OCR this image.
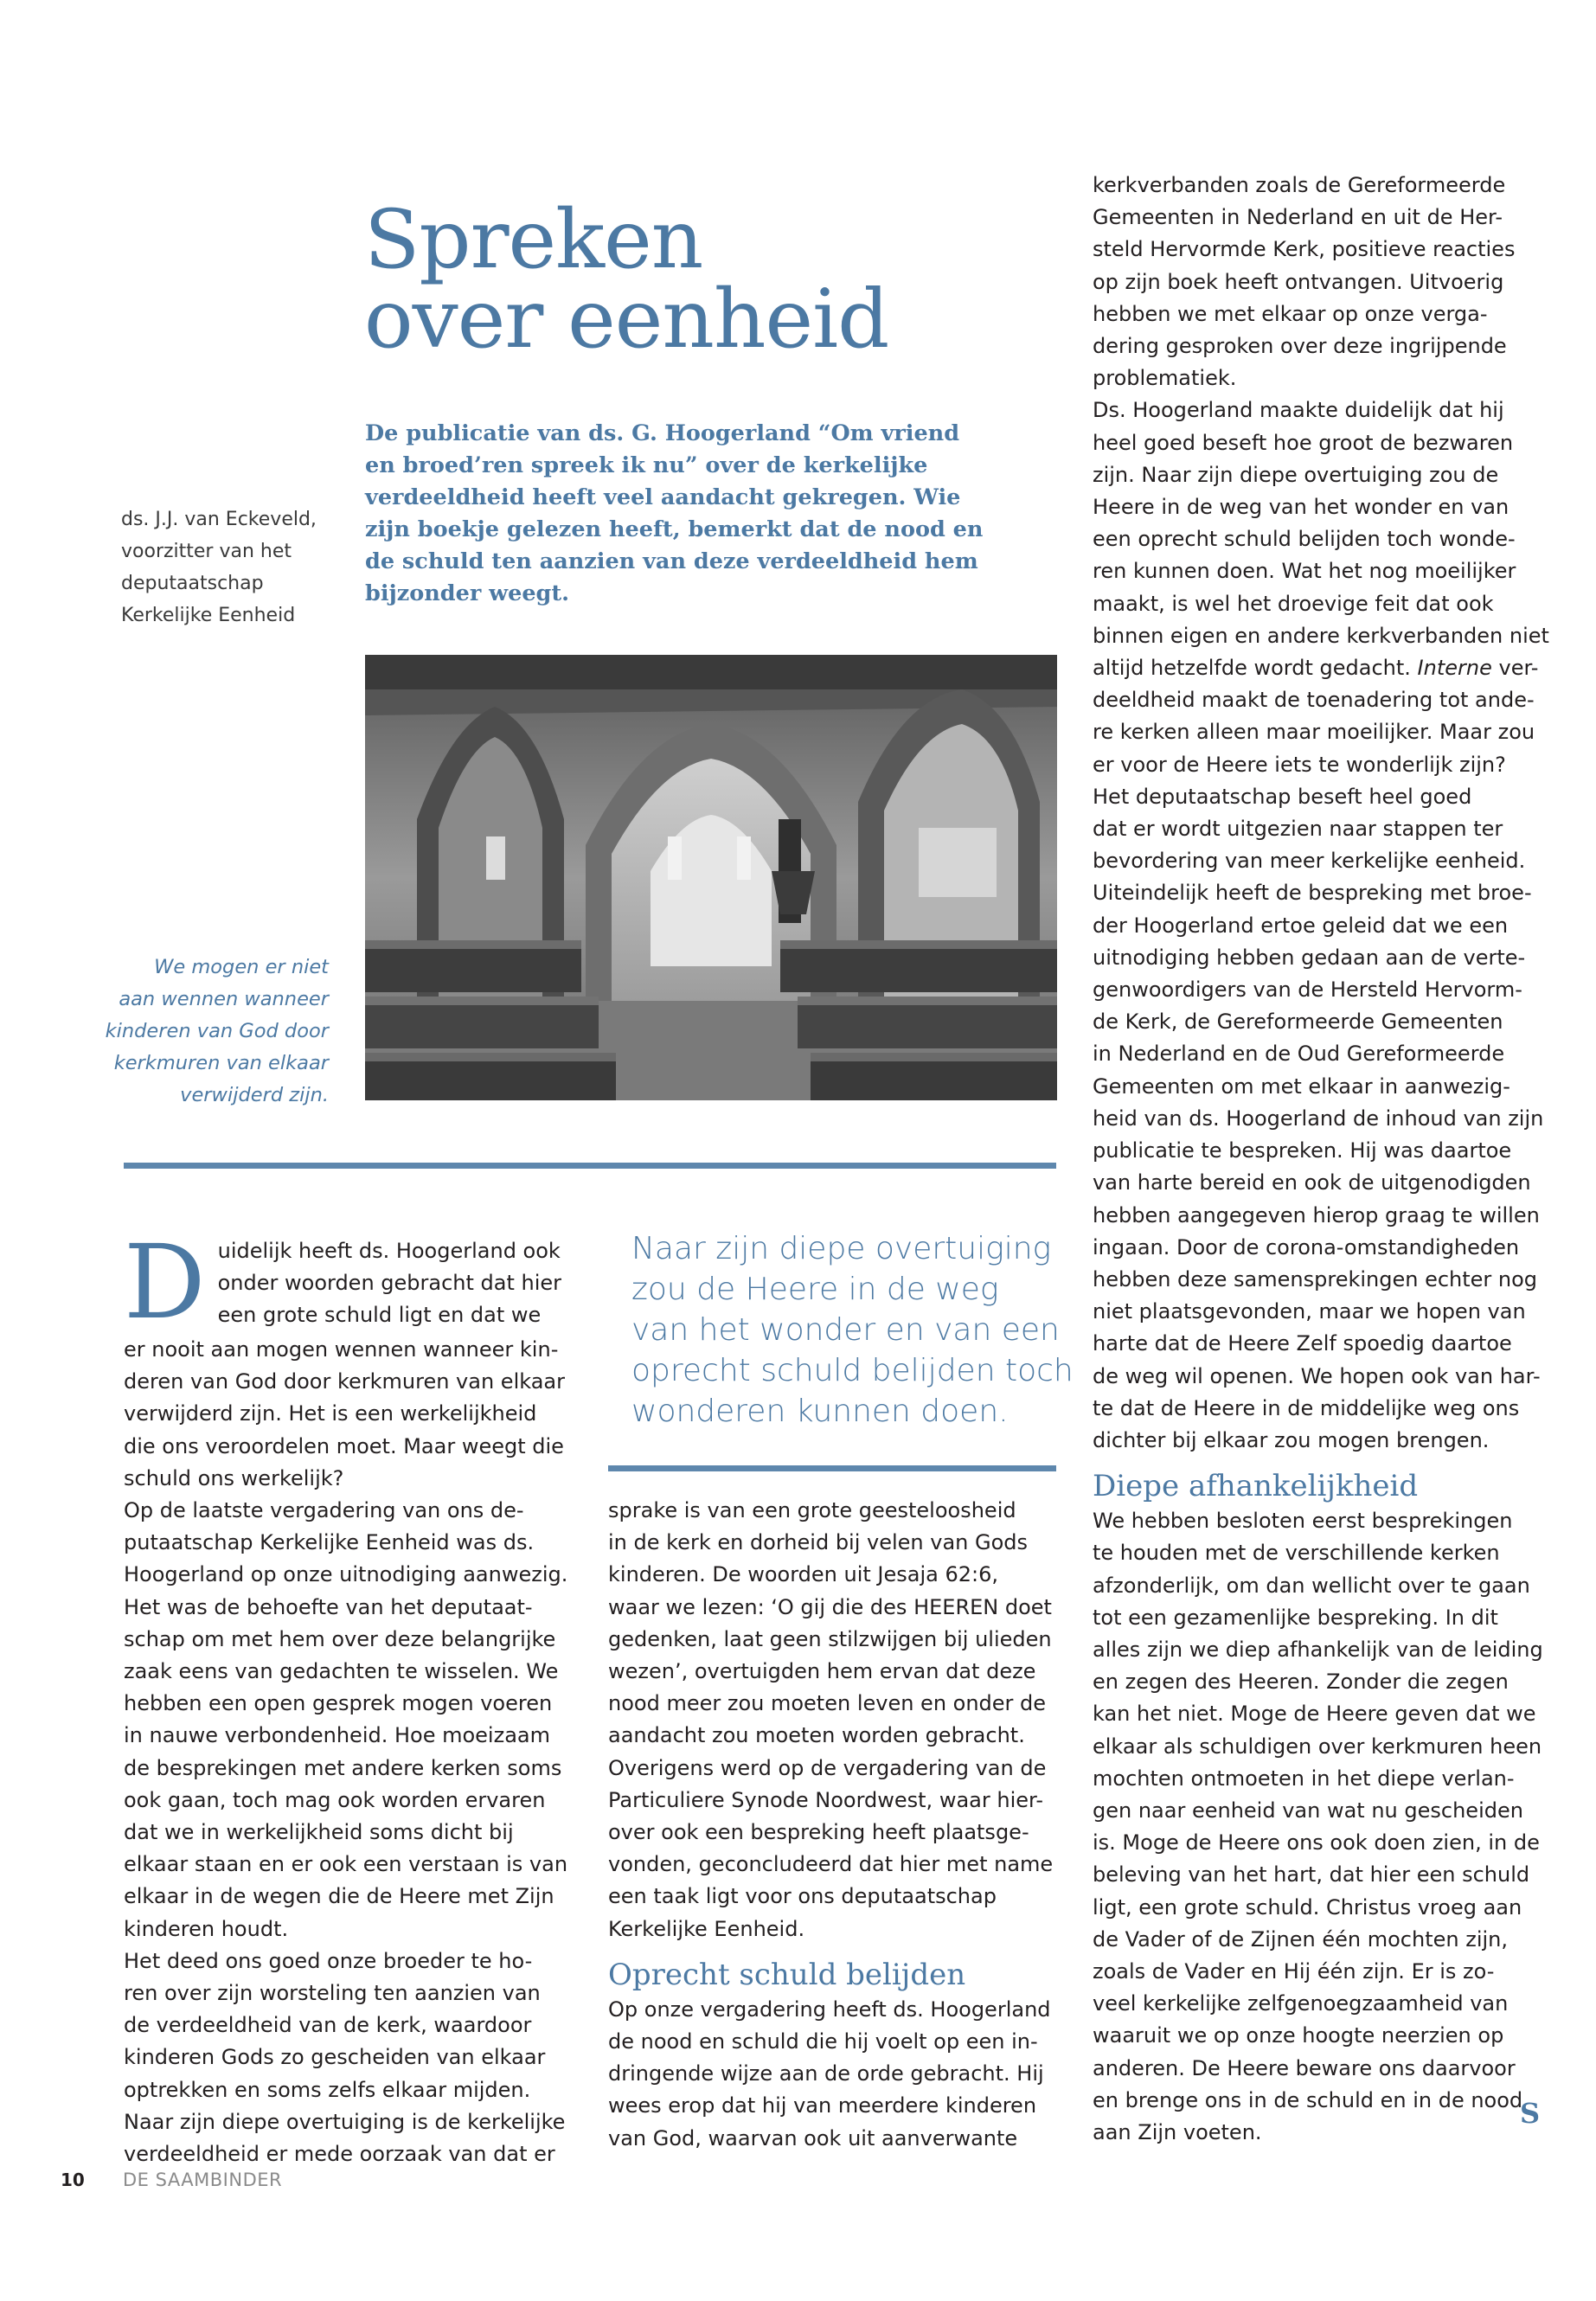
Spreken
over eenheid
De publicatie van ds. G. Hoogerland “Om vriend
en broed’ren spreek ik nu” over de kerkelijke
verdeeldheid heeft veel aandacht gekregen. Wie
zijn boekje gelezen heeft, bemerkt dat de nood en
de schuld ten aanzien van deze verdeeldheid hem
bijzonder weegt.
ds. J.J. van Eckeveld,
voorzitter van het
deputaatschap
Kerkelijke Eenheid
We mogen er niet
aan wennen wanneer
kinderen van God door
kerkmuren van elkaar
verwijderd zijn.
Naar zijn diepe overtuiging
zou de Heere in de weg
van het wonder en van een
oprecht schuld belijden toch
wonderen kunnen doen.
D uidelijk heeft ds. Hoogerland ook
onder woorden gebracht dat hier
een grote schuld ligt en dat we
er nooit aan mogen wennen wanneer kin-
deren van God door kerkmuren van elkaar
verwijderd zijn. Het is een werkelijkheid
die ons veroordelen moet. Maar weegt die
schuld ons werkelijk?
Op de laatste vergadering van ons de-
putaatschap Kerkelijke Eenheid was ds.
Hoogerland op onze uitnodiging aanwezig.
Het was de behoefte van het deputaat-
schap om met hem over deze belangrijke
zaak eens van gedachten te wisselen. We
hebben een open gesprek mogen voeren
in nauwe verbondenheid. Hoe moeizaam
de besprekingen met andere kerken soms
ook gaan, toch mag ook worden ervaren
dat we in werkelijkheid soms dicht bij
elkaar staan en er ook een verstaan is van
elkaar in de wegen die de Heere met Zijn
kinderen houdt.
Het deed ons goed onze broeder te ho-
ren over zijn worsteling ten aanzien van
de verdeeldheid van de kerk, waardoor
kinderen Gods zo gescheiden van elkaar
optrekken en soms zelfs elkaar mijden.
Naar zijn diepe overtuiging is de kerkelijke
verdeeldheid er mede oorzaak van dat er
sprake is van een grote geesteloosheid
in de kerk en dorheid bij velen van Gods
kinderen. De woorden uit Jesaja 62:6,
waar we lezen: ‘O gij die des HEEREN doet
gedenken, laat geen stilzwijgen bij ulieden
wezen’, overtuigden hem ervan dat deze
nood meer zou moeten leven en onder de
aandacht zou moeten worden gebracht.
Overigens werd op de vergadering van de
Particuliere Synode Noordwest, waar hier-
over ook een bespreking heeft plaatsge-
vonden, geconcludeerd dat hier met name
een taak ligt voor ons deputaatschap
Kerkelijke Eenheid.
Oprecht schuld belijden
Op onze vergadering heeft ds. Hoogerland
de nood en schuld die hij voelt op een in-
dringende wijze aan de orde gebracht. Hij
wees erop dat hij van meerdere kinderen
van God, waarvan ook uit aanverwante
kerkverbanden zoals de Gereformeerde
Gemeenten in Nederland en uit de Her-
steld Hervormde Kerk, positieve reacties
op zijn boek heeft ontvangen. Uitvoerig
hebben we met elkaar op onze verga-
dering gesproken over deze ingrijpende
problematiek.
Ds. Hoogerland maakte duidelijk dat hij
heel goed beseft hoe groot de bezwaren
zijn. Naar zijn diepe overtuiging zou de
Heere in de weg van het wonder en van
een oprecht schuld belijden toch wonde-
ren kunnen doen. Wat het nog moeilijker
maakt, is wel het droevige feit dat ook
binnen eigen en andere kerkverbanden niet
altijd hetzelfde wordt gedacht. Interne ver-
deeldheid maakt de toenadering tot ande-
re kerken alleen maar moeilijker. Maar zou
er voor de Heere iets te wonderlijk zijn?
Het deputaatschap beseft heel goed
dat er wordt uitgezien naar stappen ter
bevordering van meer kerkelijke eenheid.
Uiteindelijk heeft de bespreking met broe-
der Hoogerland ertoe geleid dat we een
uitnodiging hebben gedaan aan de verte-
genwoordigers van de Hersteld Hervorm-
de Kerk, de Gereformeerde Gemeenten
in Nederland en de Oud Gereformeerde
Gemeenten om met elkaar in aanwezig-
heid van ds. Hoogerland de inhoud van zijn
publicatie te bespreken. Hij was daartoe
van harte bereid en ook de uitgenodigden
hebben aangegeven hierop graag te willen
ingaan. Door de corona-omstandigheden
hebben deze samensprekingen echter nog
niet plaatsgevonden, maar we hopen van
harte dat de Heere Zelf spoedig daartoe
de weg wil openen. We hopen ook van har-
te dat de Heere in de middelijke weg ons
dichter bij elkaar zou mogen brengen.
Diepe afhankelijkheid
We hebben besloten eerst besprekingen
te houden met de verschillende kerken
afzonderlijk, om dan wellicht over te gaan
tot een gezamenlijke bespreking. In dit
alles zijn we diep afhankelijk van de leiding
en zegen des Heeren. Zonder die zegen
kan het niet. Moge de Heere geven dat we
elkaar als schuldigen over kerkmuren heen
mochten ontmoeten in het diepe verlan-
gen naar eenheid van wat nu gescheiden
is. Moge de Heere ons ook doen zien, in de
beleving van het hart, dat hier een schuld
ligt, een grote schuld. Christus vroeg aan
de Vader of de Zijnen één mochten zijn,
zoals de Vader en Hij één zijn. Er is zo-
veel kerkelijke zelfgenoegzaamheid van
waaruit we op onze hoogte neerzien op
anderen. De Heere beware ons daarvoor
en brenge ons in de schuld en in de nood
aan Zijn voeten.
S
10 DE SAAMBINDER
